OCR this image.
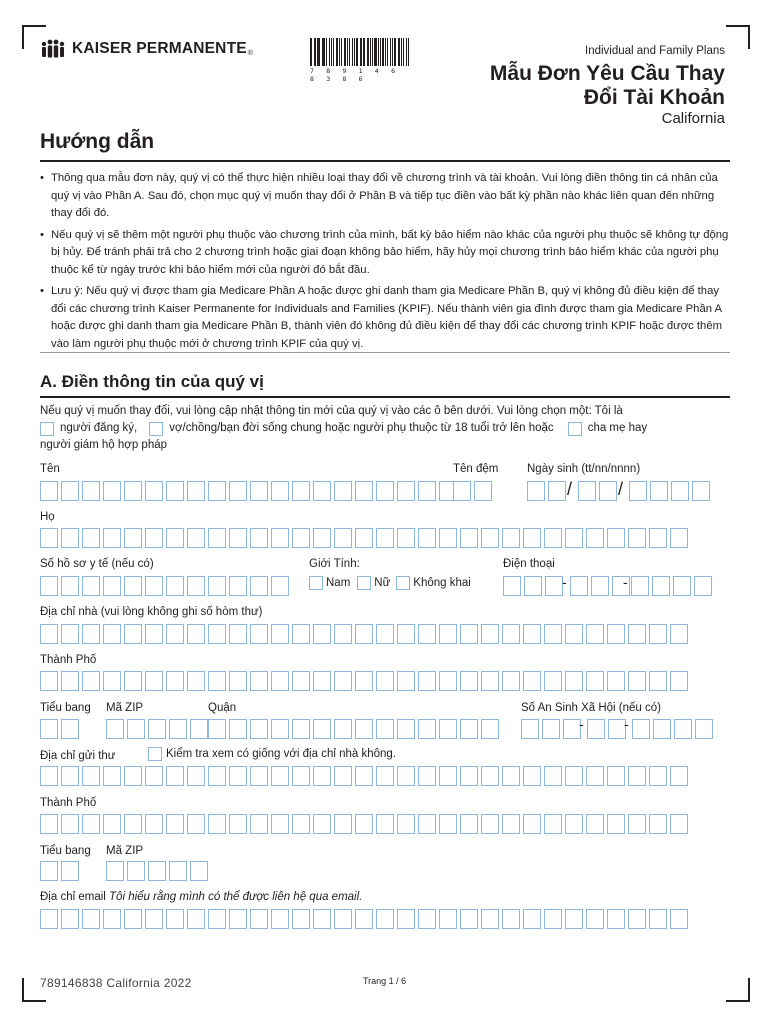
KAISER PERMANENTE ®
7 8 9 1 4 6 8 3 8 6
Individual and Family Plans
Mẫu Đơn Yêu Cầu Thay
Đổi Tài Khoản
California
Hướng dẫn
• Thông qua mẫu đơn này, quý vị có thể thực hiện nhiều loại thay đổi về chương trình và tài khoản. Vui lòng điền thông tin cá nhân của quý vị vào Phần A. Sau đó, chọn mục quý vị muốn thay đổi ở Phần B và tiếp tục điền vào bất kỳ phần nào khác liên quan đến những thay đổi đó.
• Nếu quý vị sẽ thêm một người phụ thuộc vào chương trình của mình, bất kỳ bảo hiểm nào khác của người phụ thuộc sẽ không tự động bị hủy. Để tránh phải trả cho 2 chương trình hoặc giai đoạn không bảo hiểm, hãy hủy mọi chương trình bảo hiểm khác của người phụ thuộc kể từ ngày trước khi bảo hiểm mới của người đó bắt đầu.
• Lưu ý: Nếu quý vị được tham gia Medicare Phần A hoặc được ghi danh tham gia Medicare Phần B, quý vị không đủ điều kiện để thay đổi các chương trình Kaiser Permanente for Individuals and Families (KPIF). Nếu thành viên gia đình được tham gia Medicare Phần A hoặc được ghi danh tham gia Medicare Phần B, thành viên đó không đủ điều kiện để thay đổi các chương trình KPIF hoặc được thêm vào làm người phụ thuộc mới ở chương trình KPIF của quý vị.
A. Điền thông tin của quý vị
Nếu quý vị muốn thay đổi, vui lòng cập nhật thông tin mới của quý vị vào các ô bên dưới. Vui lòng chọn một: Tôi là
người đăng ký,	vợ/chồng/bạn đời sống chung hoặc người phụ thuộc từ 18 tuổi trở lên hoặc	cha mẹ hay
người giám hộ hợp pháp
Tên	Tên đệm Ngày sinh (tt/nn/nnnn)
/	/
Họ
Số hồ sơ y tế (nếu có)	Giới Tính:	Điện thoại
Nam Nữ Không khai	-	-
Địa chỉ nhà (vui lòng không ghi số hòm thư)
Thành Phố
Tiểu bang Mã ZIP	Quận	Số An Sinh Xã Hội (nếu có)
-	-
Địa chỉ gửi thư	Kiểm tra xem có giống với địa chỉ nhà không.
Thành Phố
Tiểu bang Mã ZIP
Địa chỉ email Tôi hiểu rằng mình có thể được liên hệ qua email.
789146838 California 2022	Trang 1 / 6
